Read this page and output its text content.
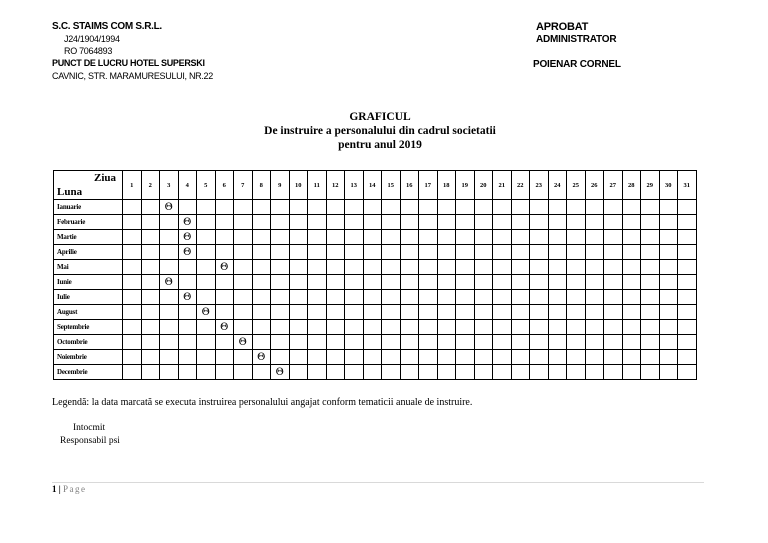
S.C. STAIMS COM S.R.L.
J24/1904/1994
RO 7064893
PUNCT DE LUCRU HOTEL SUPERSKI
CAVNIC, STR. MARAMURESULUI, NR.22
APROBAT
ADMINISTRATOR
POIENAR CORNEL
GRAFICUL
De instruire a personalului din cadrul societatii
pentru anul 2019
Ziua
Luna	1	2	3	4	5	6	7	8	9	10	11	12	13	14	15	16	17	18	19	20	21	22	23	24	25	26	27	28	29	30	31
Ianuarie			Θ																												
Februarie				Θ																											
Martie				Θ																											
Aprilie				Θ																											
Mai						Θ																									
Iunie			Θ																												
Iulie				Θ																											
August					Θ																										
Septembrie						Θ																									
Octombrie							Θ																								
Noiembrie								Θ																							
Decembrie									Θ																						
Legendă: la data marcată se executa instruirea personalului angajat conform tematicii anuale de instruire.
Intocmit
Responsabil psi
1 | Page
